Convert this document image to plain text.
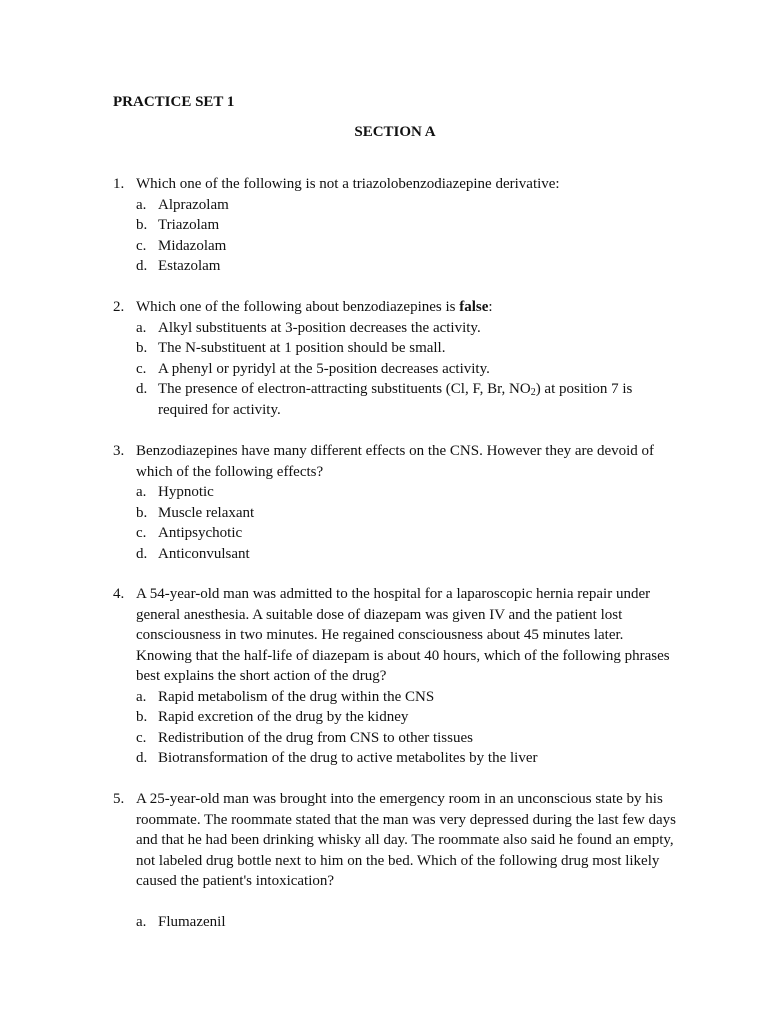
PRACTICE SET 1

SECTION A

1. Which one of the following is not a triazolobenzodiazepine derivative:
a. Alprazolam
b. Triazolam
c. Midazolam
d. Estazolam
2. Which one of the following about benzodiazepines is false:
a. Alkyl substituents at 3-position decreases the activity.
b. The N-substituent at 1 position should be small.
c. A phenyl or pyridyl at the 5-position decreases activity.
d. The presence of electron-attracting substituents (Cl, F, Br, $NO_2$) at position 7 is required for activity.
3. Benzodiazepines have many different effects on the CNS. However they are devoid of which of the following effects?
a. Hypnotic
b. Muscle relaxant
c. Antipsychotic
d. Anticonvulsant
4. A 54-year-old man was admitted to the hospital for a laparoscopic hernia repair under general anesthesia. A suitable dose of diazepam was given IV and the patient lost consciousness in two minutes. He regained consciousness about 45 minutes later. Knowing that the half-life of diazepam is about 40 hours, which of the following phrases best explains the short action of the drug?
a. Rapid metabolism of the drug within the CNS
b. Rapid excretion of the drug by the kidney
c. Redistribution of the drug from CNS to other tissues
d. Biotransformation of the drug to active metabolites by the liver
5. A 25-year-old man was brought into the emergency room in an unconscious state by his roommate. The roommate stated that the man was very depressed during the last few days and that he had been drinking whisky all day. The roommate also said he found an empty, not labeled drug bottle next to him on the bed. Which of the following drug most likely caused the patient's intoxication?
a. Flumazenil
